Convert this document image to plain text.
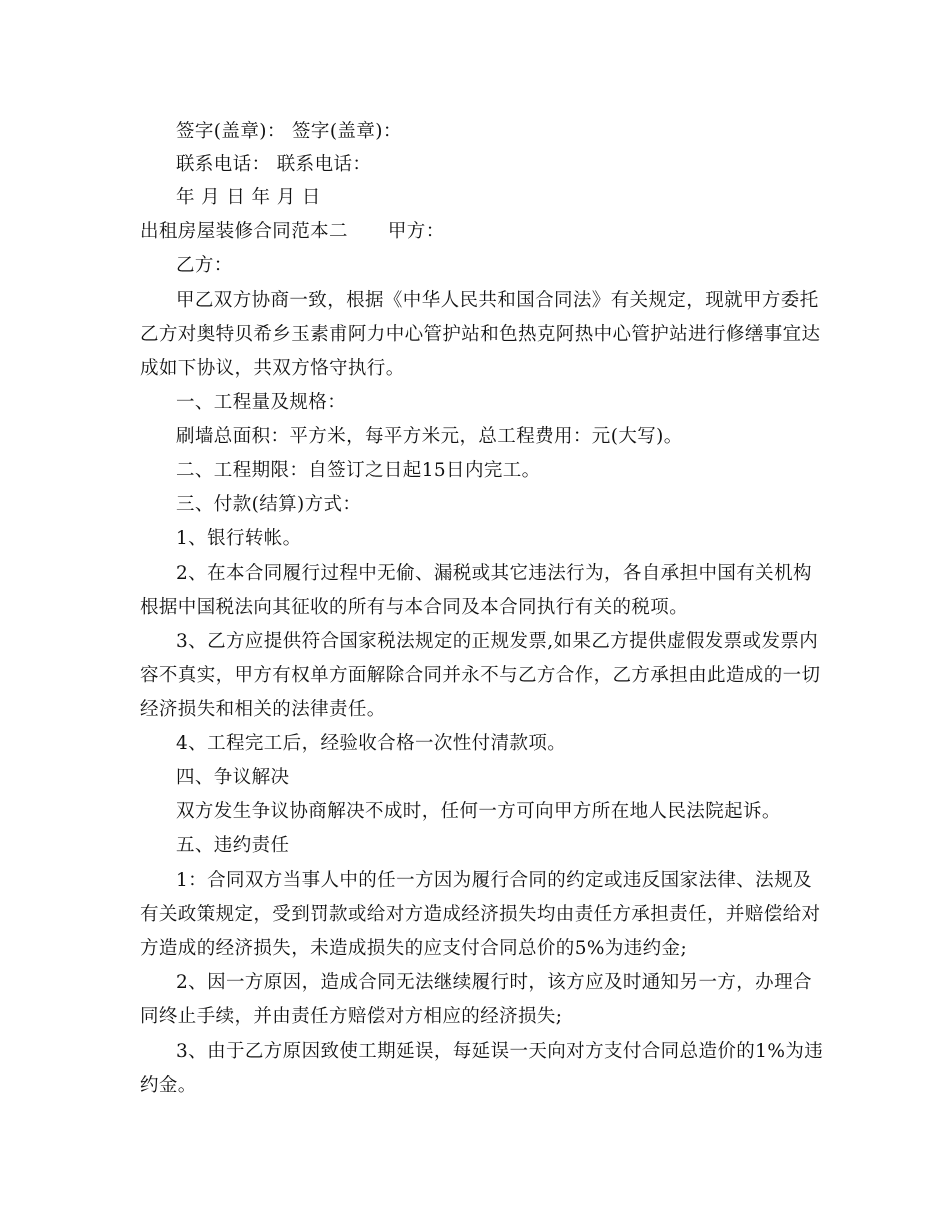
签字(盖章)： 签字(盖章)：
联系电话： 联系电话：
年 月 日 年 月 日
出租房屋装修合同范本二 甲方：
乙方：
甲乙双方协商一致，根据《中华人民共和国合同法》有关规定，现就甲方委托
乙方对奥特贝希乡玉素甫阿力中心管护站和色热克阿热中心管护站进行修缮事宜达
成如下协议，共双方恪守执行。
一、工程量及规格：
刷墙总面积：平方米，每平方米元，总工程费用：元(大写)。
二、工程期限：自签订之日起15日内完工。
三、付款(结算)方式：
1、银行转帐。
2、在本合同履行过程中无偷、漏税或其它违法行为，各自承担中国有关机构
根据中国税法向其征收的所有与本合同及本合同执行有关的税项。
3、乙方应提供符合国家税法规定的正规发票,如果乙方提供虚假发票或发票内
容不真实，甲方有权单方面解除合同并永不与乙方合作，乙方承担由此造成的一切
经济损失和相关的法律责任。
4、工程完工后，经验收合格一次性付清款项。
四、争议解决
双方发生争议协商解决不成时，任何一方可向甲方所在地人民法院起诉。
五、违约责任
1：合同双方当事人中的任一方因为履行合同的约定或违反国家法律、法规及
有关政策规定，受到罚款或给对方造成经济损失均由责任方承担责任，并赔偿给对
方造成的经济损失，未造成损失的应支付合同总价的5%为违约金;
2、因一方原因，造成合同无法继续履行时，该方应及时通知另一方，办理合
同终止手续，并由责任方赔偿对方相应的经济损失;
3、由于乙方原因致使工期延误，每延误一天向对方支付合同总造价的1%为违
约金。
